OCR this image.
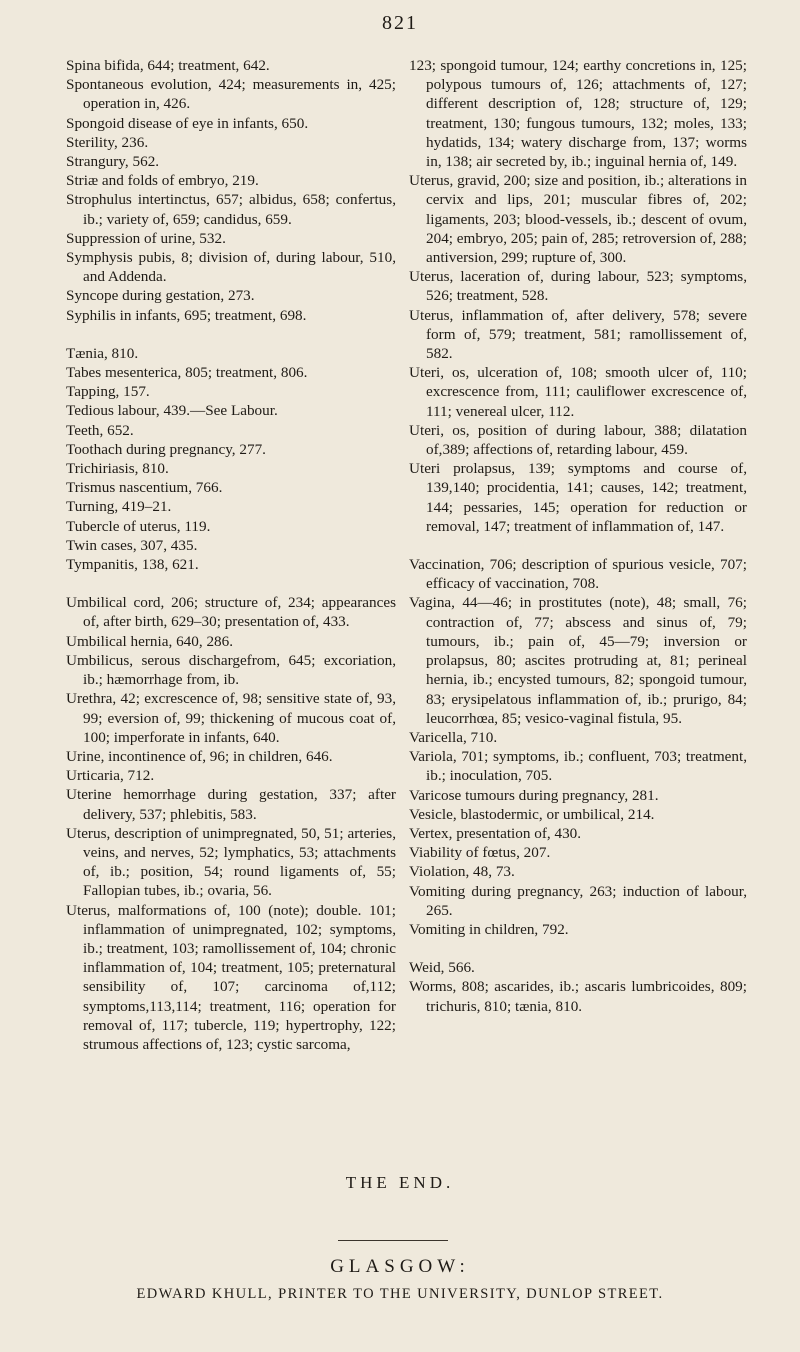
821

Spina bifida, 644; treatment, 642.

Spontaneous evolution, 424; measurements in, 425; operation in, 426.

Spongoid disease of eye in infants, 650.

Sterility, 236.

Strangury, 562.

Striæ and folds of embryo, 219.

Strophulus intertinctus, 657; albidus, 658; confertus, ib.; variety of, 659; candidus, 659.

Suppression of urine, 532.

Symphysis pubis, 8; division of, during labour, 510, and Addenda.

Syncope during gestation, 273.

Syphilis in infants, 695; treatment, 698.

Tænia, 810.

Tabes mesenterica, 805; treatment, 806.

Tapping, 157.

Tedious labour, 439.—See Labour.

Teeth, 652.

Toothach during pregnancy, 277.

Trichiriasis, 810.

Trismus nascentium, 766.

Turning, 419–21.

Tubercle of uterus, 119.

Twin cases, 307, 435.

Tympanitis, 138, 621.

Umbilical cord, 206; structure of, 234; appearances of, after birth, 629–30; presentation of, 433.

Umbilical hernia, 640, 286.

Umbilicus, serous dischargefrom, 645; excoriation, ib.; hæmorrhage from, ib.

Urethra, 42; excrescence of, 98; sensitive state of, 93, 99; eversion of, 99; thickening of mucous coat of, 100; imperforate in infants, 640.

Urine, incontinence of, 96; in children, 646.

Urticaria, 712.

Uterine hemorrhage during gestation, 337; after delivery, 537; phlebitis, 583.

Uterus, description of unimpregnated, 50, 51; arteries, veins, and nerves, 52; lymphatics, 53; attachments of, ib.; position, 54; round ligaments of, 55; Fallopian tubes, ib.; ovaria, 56.

Uterus, malformations of, 100 (note); double. 101; inflammation of unimpregnated, 102; symptoms, ib.; treatment, 103; ramollissement of, 104; chronic inflammation of, 104; treatment, 105; preternatural sensibility of, 107; carcinoma of,112; symptoms,113,114; treatment, 116; operation for removal of, 117; tubercle, 119; hypertrophy, 122; strumous affections of, 123; cystic sarcoma,

123; spongoid tumour, 124; earthy concretions in, 125; polypous tumours of, 126; attachments of, 127; different description of, 128; structure of, 129; treatment, 130; fungous tumours, 132; moles, 133; hydatids, 134; watery discharge from, 137; worms in, 138; air secreted by, ib.; inguinal hernia of, 149.

Uterus, gravid, 200; size and position, ib.; alterations in cervix and lips, 201; muscular fibres of, 202; ligaments, 203; blood-vessels, ib.; descent of ovum, 204; embryo, 205; pain of, 285; retroversion of, 288; antiversion, 299; rupture of, 300.

Uterus, laceration of, during labour, 523; symptoms, 526; treatment, 528.

Uterus, inflammation of, after delivery, 578; severe form of, 579; treatment, 581; ramollissement of, 582.

Uteri, os, ulceration of, 108; smooth ulcer of, 110; excrescence from, 111; cauliflower excrescence of, 111; venereal ulcer, 112.

Uteri, os, position of during labour, 388; dilatation of,389; affections of, retarding labour, 459.

Uteri prolapsus, 139; symptoms and course of, 139,140; procidentia, 141; causes, 142; treatment, 144; pessaries, 145; operation for reduction or removal, 147; treatment of inflammation of, 147.

Vaccination, 706; description of spurious vesicle, 707; efficacy of vaccination, 708.

Vagina, 44—46; in prostitutes (note), 48; small, 76; contraction of, 77; abscess and sinus of, 79; tumours, ib.; pain of, 45—79; inversion or prolapsus, 80; ascites protruding at, 81; perineal hernia, ib.; encysted tumours, 82; spongoid tumour, 83; erysipelatous inflammation of, ib.; prurigo, 84; leucorrhœa, 85; vesico-vaginal fistula, 95.

Varicella, 710.

Variola, 701; symptoms, ib.; confluent, 703; treatment, ib.; inoculation, 705.

Varicose tumours during pregnancy, 281.

Vesicle, blastodermic, or umbilical, 214.

Vertex, presentation of, 430.

Viability of fœtus, 207.

Violation, 48, 73.

Vomiting during pregnancy, 263; induction of labour, 265.

Vomiting in children, 792.

Weid, 566.

Worms, 808; ascarides, ib.; ascaris lumbricoides, 809; trichuris, 810; tænia, 810.

THE END.
GLASGOW:
EDWARD KHULL, PRINTER TO THE UNIVERSITY, DUNLOP STREET.
